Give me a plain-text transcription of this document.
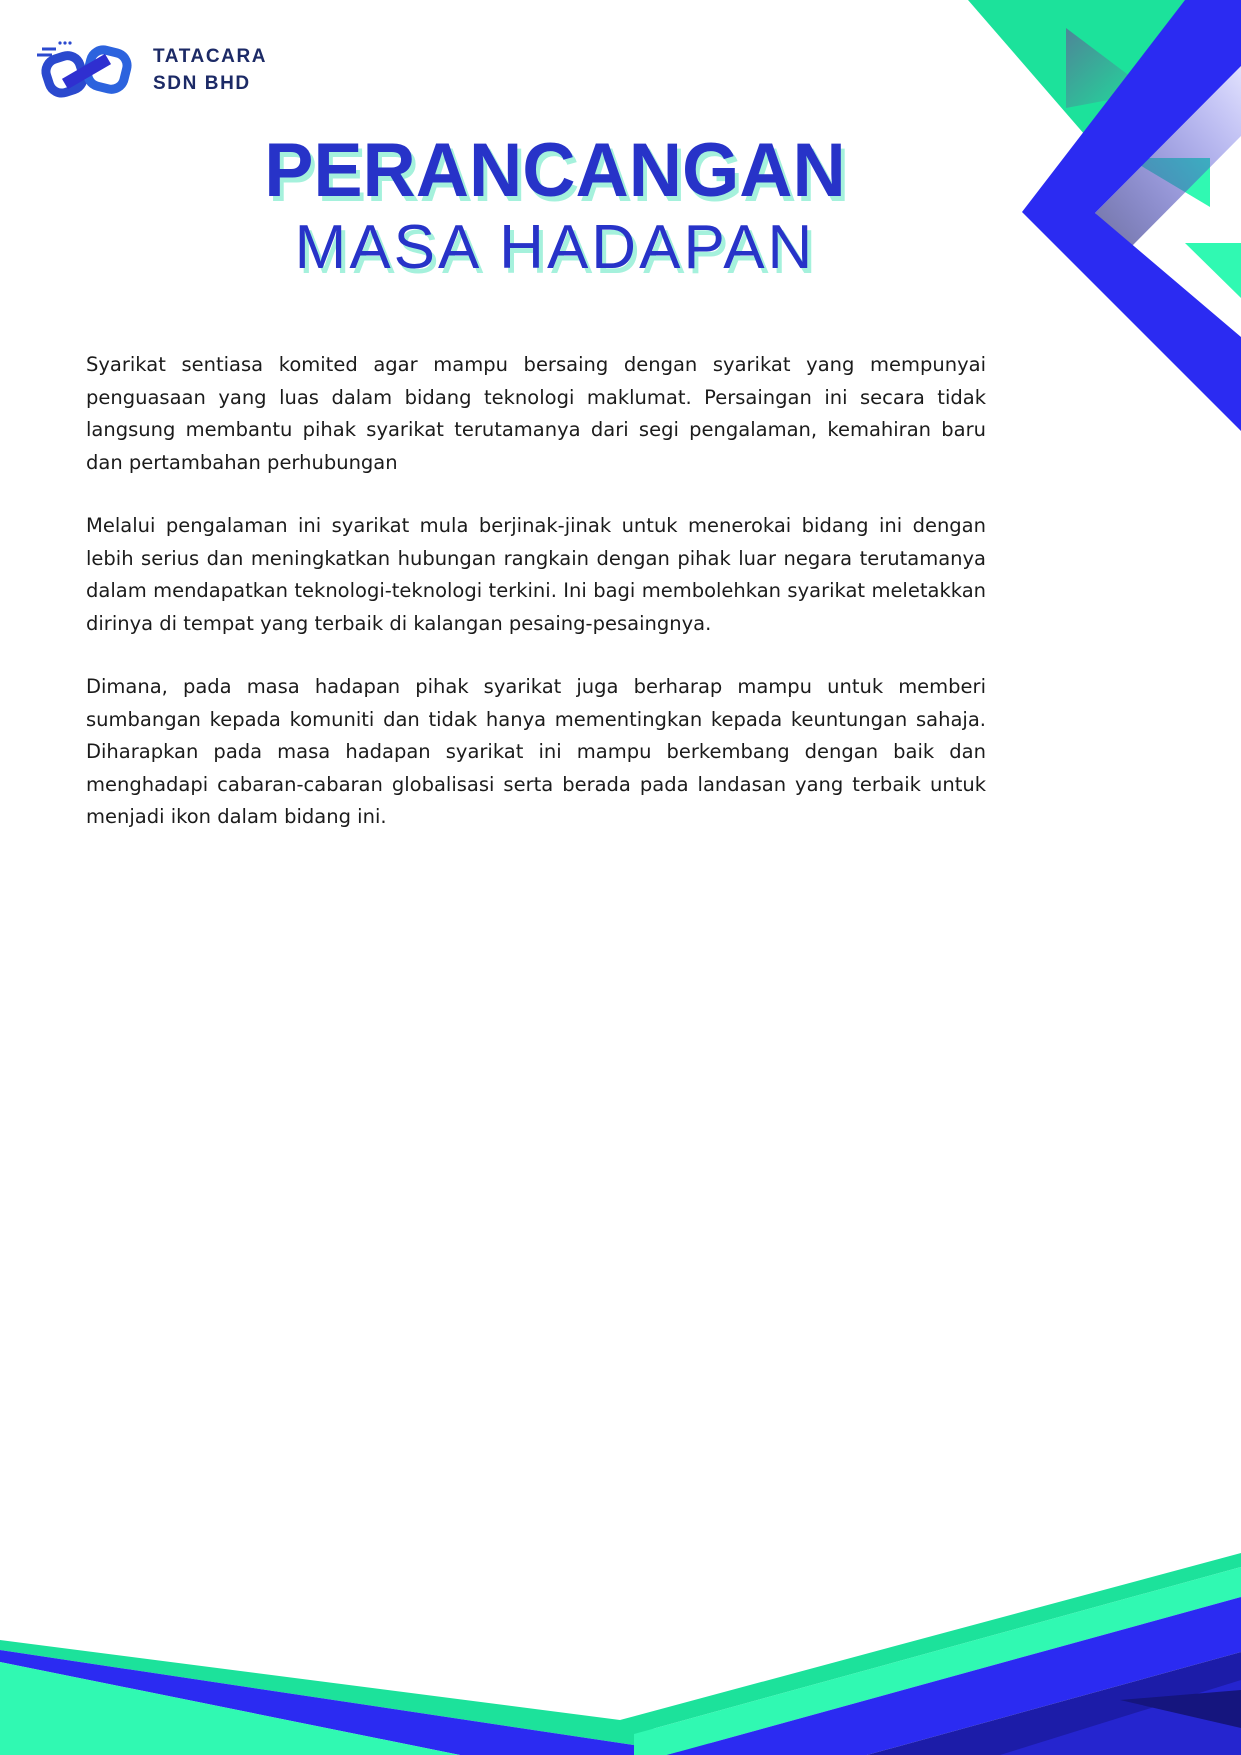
TATACARA
SDN BHD
PERANCANGAN
MASA HADAPAN

Syarikat sentiasa komited agar mampu bersaing dengan syarikat yang mempunyai penguasaan yang luas dalam bidang teknologi maklumat. Persaingan ini secara tidak langsung membantu pihak syarikat terutamanya dari segi pengalaman, kemahiran baru dan pertambahan perhubungan

Melalui pengalaman ini syarikat mula berjinak-jinak untuk menerokai bidang ini dengan lebih serius dan meningkatkan hubungan rangkain dengan pihak luar negara terutamanya dalam mendapatkan teknologi-teknologi terkini. Ini bagi membolehkan syarikat meletakkan dirinya di tempat yang terbaik di kalangan pesaing-pesaingnya.

Dimana, pada masa hadapan pihak syarikat juga berharap mampu untuk memberi sumbangan kepada komuniti dan tidak hanya mementingkan kepada keuntungan sahaja. Diharapkan pada masa hadapan syarikat ini mampu berkembang dengan baik dan menghadapi cabaran-cabaran globalisasi serta berada pada landasan yang terbaik untuk menjadi ikon dalam bidang ini.
